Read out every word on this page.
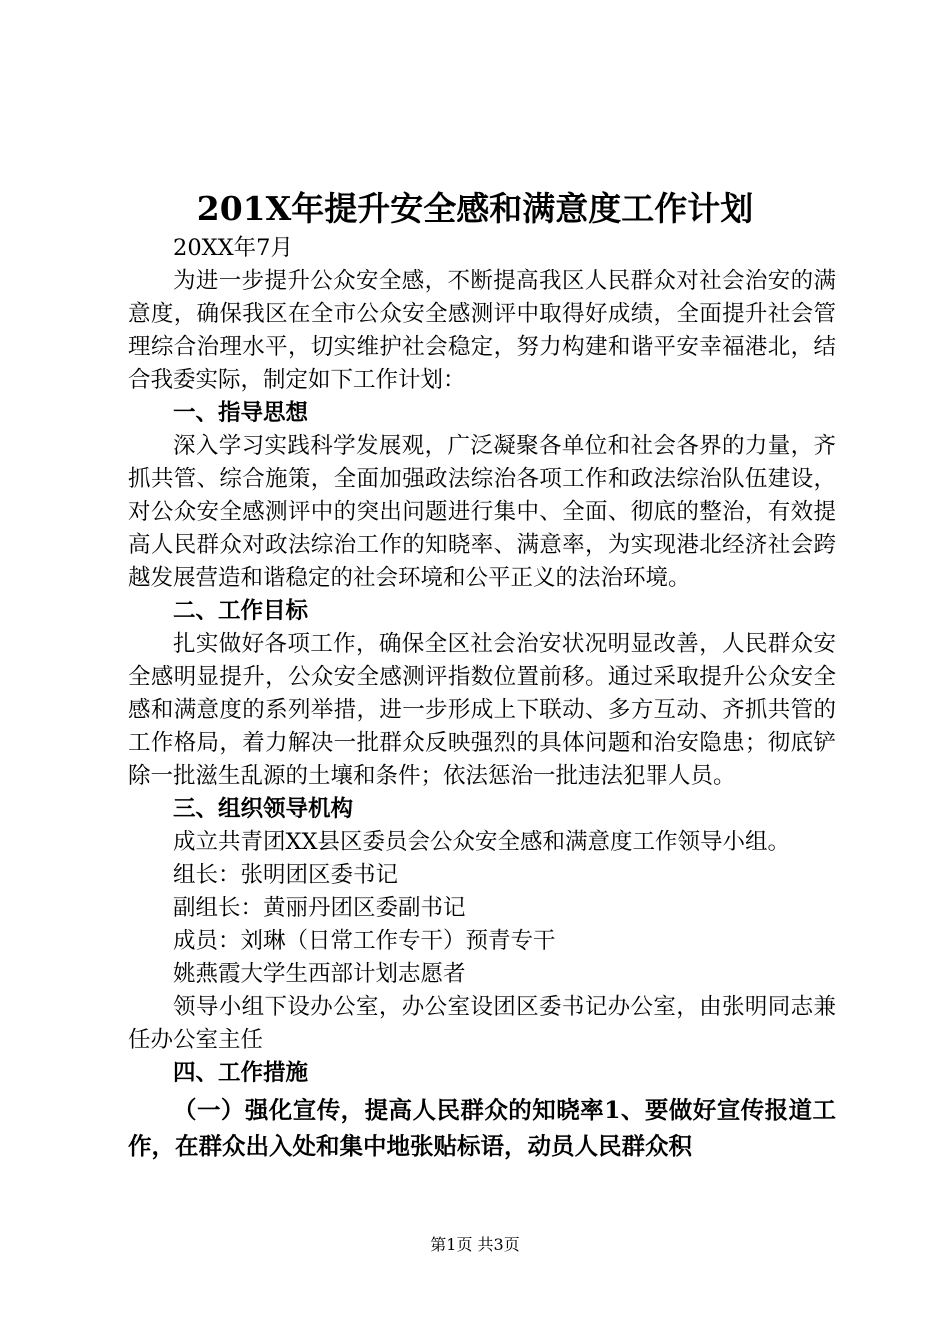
201X年提升安全感和满意度工作计划

20XX年7月

为进一步提升公众安全感，不断提高我区人民群众对社会治安的满意度，确保我区在全市公众安全感测评中取得好成绩，全面提升社会管理综合治理水平，切实维护社会稳定，努力构建和谐平安幸福港北，结合我委实际，制定如下工作计划：

一、指导思想

深入学习实践科学发展观，广泛凝聚各单位和社会各界的力量，齐抓共管、综合施策，全面加强政法综治各项工作和政法综治队伍建设，对公众安全感测评中的突出问题进行集中、全面、彻底的整治，有效提高人民群众对政法综治工作的知晓率、满意率，为实现港北经济社会跨越发展营造和谐稳定的社会环境和公平正义的法治环境。

二、工作目标

扎实做好各项工作，确保全区社会治安状况明显改善，人民群众安全感明显提升，公众安全感测评指数位置前移。通过采取提升公众安全感和满意度的系列举措，进一步形成上下联动、多方互动、齐抓共管的工作格局，着力解决一批群众反映强烈的具体问题和治安隐患；彻底铲除一批滋生乱源的土壤和条件；依法惩治一批违法犯罪人员。

三、组织领导机构

成立共青团XX县区委员会公众安全感和满意度工作领导小组。

组长：张明团区委书记

副组长：黄丽丹团区委副书记

成员：刘琳（日常工作专干）预青专干

姚燕霞大学生西部计划志愿者

领导小组下设办公室，办公室设团区委书记办公室，由张明同志兼任办公室主任

四、工作措施

（一）强化宣传，提高人民群众的知晓率1、要做好宣传报道工作，在群众出入处和集中地张贴标语，动员人民群众积

第1页 共3页
